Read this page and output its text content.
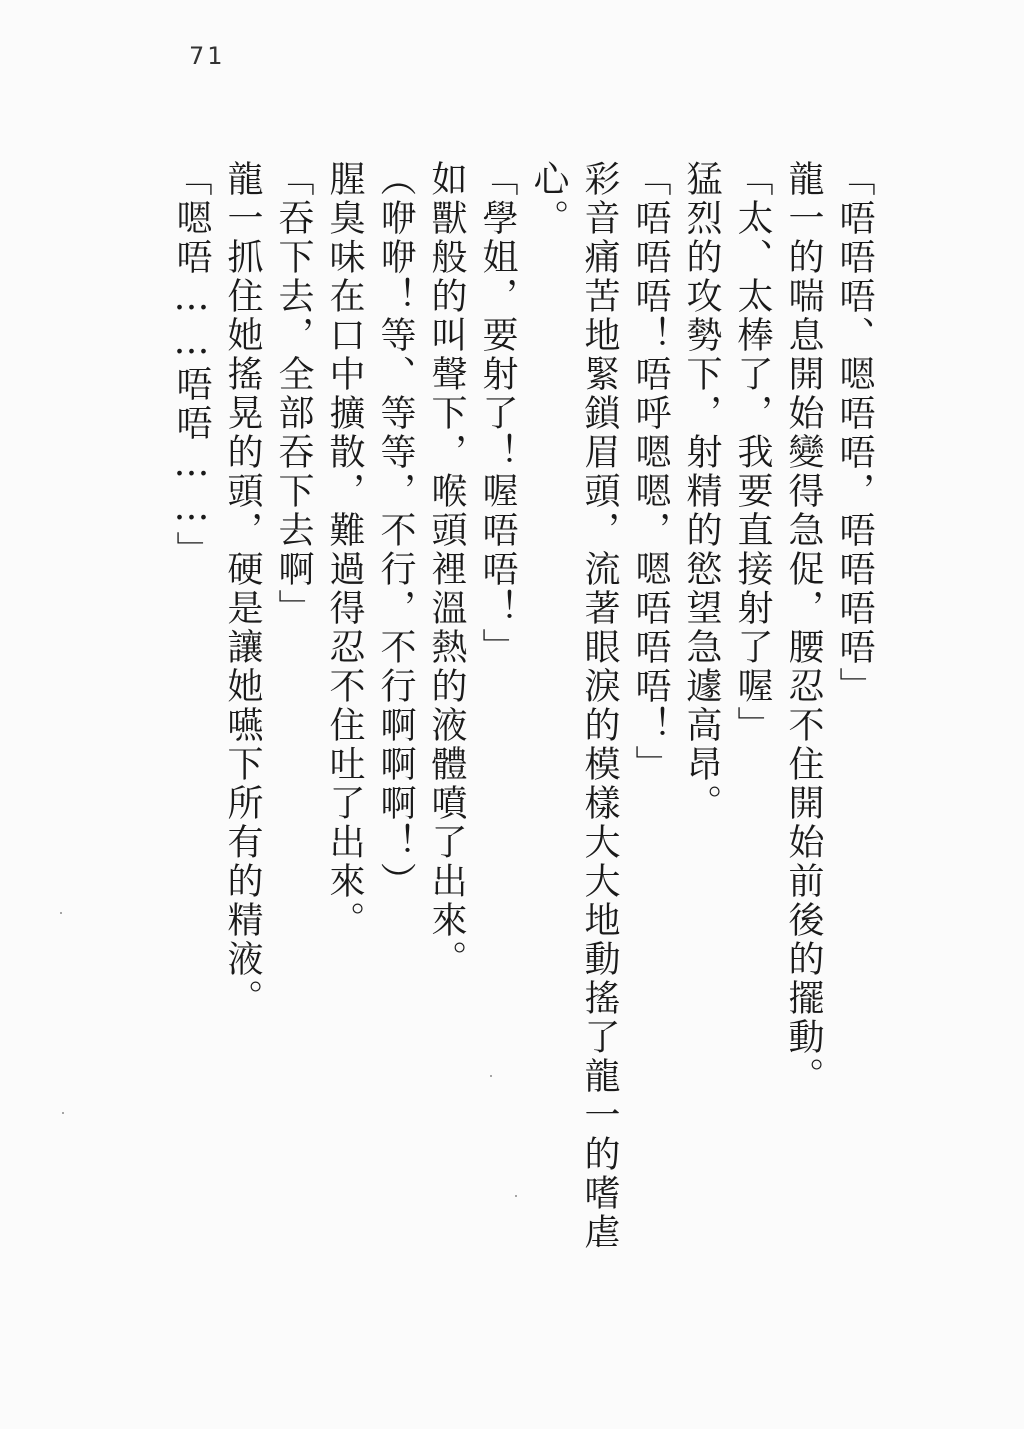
71

「唔唔唔、嗯唔唔，唔唔唔唔」

龍一的喘息開始變得急促，腰忍不住開始前後的擺動。

「太、太棒了，我要直接射了喔」

猛烈的攻勢下，射精的慾望急遽高昂。

「唔唔唔！唔呼嗯嗯，嗯唔唔唔！」

彩音痛苦地緊鎖眉頭，流著眼淚的模樣大大地動搖了龍一的嗜虐

心。

「學姐，要射了！喔唔唔！」

如獸般的叫聲下，喉頭裡溫熱的液體噴了出來。

（咿咿！等、等等，不行，不行啊啊啊！）

腥臭味在口中擴散，難過得忍不住吐了出來。

「吞下去，全部吞下去啊」

龍一抓住她搖晃的頭，硬是讓她嚥下所有的精液。

「嗯唔……唔唔……」
